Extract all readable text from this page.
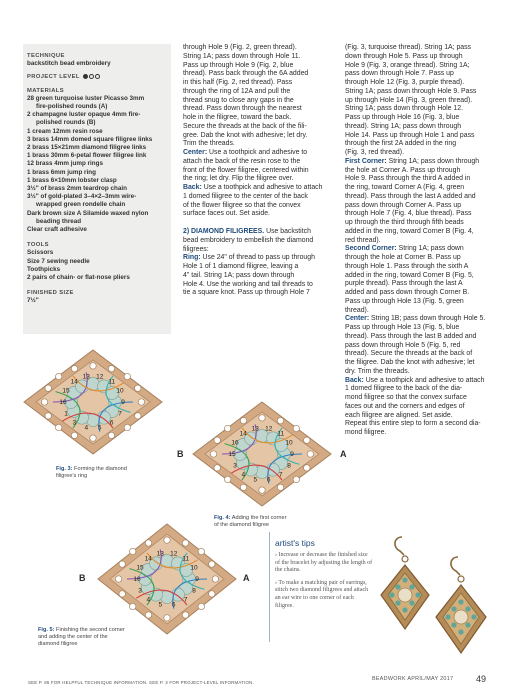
TECHNIQUE
backstitch bead embroidery
PROJECT LEVEL
MATERIALS
28 green turquoise luster Picasso 3mm
fire-polished rounds (A)
2 champagne luster opaque 4mm fire-
polished rounds (B)
1 cream 12mm resin rose
3 brass 14mm domed square filigree links
2 brass 15×21mm diamond filigree links
1 brass 30mm 6-petal flower filigree link
12 brass 4mm jump rings
1 brass 6mm jump ring
1 brass 6×10mm lobster clasp
3½" of brass 2mm teardrop chain
3½" of gold-plated 3–4×2–3mm wire-
wrapped green rondelle chain
Dark brown size A Silamide waxed nylon
beading thread
Clear craft adhesive
TOOLS
Scissors
Size 7 sewing needle
Toothpicks
2 pairs of chain- or flat-nose pliers
FINISHED SIZE
7½"

through Hole 9 (Fig. 2, green thread).

String 1A; pass down through Hole 11.

Pass up through Hole 9 (Fig. 2, blue

thread). Pass back through the 6A added

in this half (Fig. 2, red thread). Pass

through the ring of 12A and pull the

thread snug to close any gaps in the

thread. Pass down through the nearest

hole in the filigree, toward the back.

Secure the threads at the back of the fili-

gree. Dab the knot with adhesive; let dry.

Trim the threads.

Center: Use a toothpick and adhesive to

attach the back of the resin rose to the

front of the flower filigree, centered within

the ring; let dry. Flip the filigree over.

Back: Use a toothpick and adhesive to attach

1 domed filigree to the center of the back

of the flower filigree so that the convex

surface faces out. Set aside.

2) DIAMOND FILIGREES. Use backstitch

bead embroidery to embellish the diamond

filigrees:

Ring: Use 24" of thread to pass up through

Hole 1 of 1 diamond filigree, leaving a

4" tail. String 1A; pass down through

Hole 4. Use the working and tail threads to

tie a square knot. Pass up through Hole 7

(Fig. 3, turquoise thread). String 1A; pass

down through Hole 5. Pass up through

Hole 9 (Fig. 3, orange thread). String 1A;

pass down through Hole 7. Pass up

through Hole 12 (Fig. 3, purple thread).

String 1A; pass down through Hole 9. Pass

up through Hole 14 (Fig. 3, green thread).

String 1A; pass down through Hole 12.

Pass up through Hole 16 (Fig. 3, blue

thread). String 1A; pass down through

Hole 14. Pass up through Hole 1 and pass

through the first 2A added in the ring

(Fig. 3, red thread).

First Corner: String 1A; pass down through

the hole at Corner A. Pass up through

Hole 9. Pass through the third A added in

the ring, toward Corner A (Fig. 4, green

thread). Pass through the last A added and

pass down through Corner A. Pass up

through Hole 7 (Fig. 4, blue thread). Pass

up through the third through fifth beads

added in the ring, toward Corner B (Fig. 4,

red thread).

Second Corner: String 1A; pass down

through the hole at Corner B. Pass up

through Hole 1. Pass through the sixth A

added in the ring, toward Corner B (Fig. 5,

purple thread). Pass through the last A

added and pass down through Corner B.

Pass up through Hole 13 (Fig. 5, green

thread).

Center: String 1B; pass down through Hole 5.

Pass up through Hole 13 (Fig. 5, blue

thread). Pass through the last B added and

pass down through Hole 5 (Fig. 5, red

thread). Secure the threads at the back of

the filigree. Dab the knot with adhesive; let

dry. Trim the threads.

Back: Use a toothpick and adhesive to attach

1 domed filigree to the back of the dia-

mond filigree so that the convex surface

faces out and the corners and edges of

each filigree are aligned. Set aside.

Repeat this entire step to form a second dia-

mond filigree.

16
15
14
13 12
11
10
9
7
6
5
4
3
1
Fig. 3: Forming the diamond
filigree's ring
15
16
14
13 12
11
10
9
8
7
6
5
4
3
B	A
Fig. 4: Adding the first corner
of the diamond filigree
16
15
14
13 12
11
10
9
8
7
6
5
4
3
B	A
Fig. 5: Finishing the second corner
and adding the center of the
diamond filigree
artist's tips
› Increase or decrease the finished size of the bracelet by adjusting the length of the chains.
› To make a matching pair of earrings, stitch two diamond filigrees and attach an ear wire to one corner of each filigree.
SEE P. 85 FOR HELPFUL TECHNIQUE INFORMATION. SEE P. 3 FOR PROJECT-LEVEL INFORMATION.
BEADWORK APRIL/MAY 2017	49
